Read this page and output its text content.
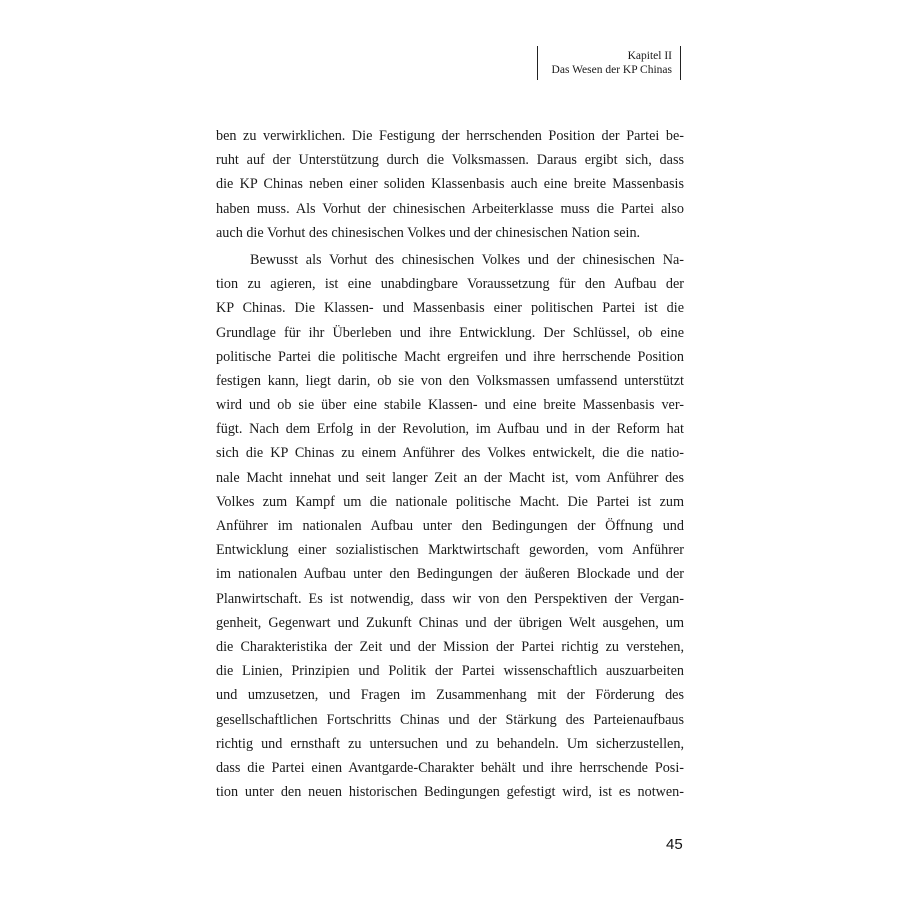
Kapitel II
Das Wesen der KP Chinas

ben zu verwirklichen. Die Festigung der herrschenden Position der Partei be-
ruht auf der Unterstützung durch die Volksmassen. Daraus ergibt sich, dass
die KP Chinas neben einer soliden Klassenbasis auch eine breite Massenbasis
haben muss. Als Vorhut der chinesischen Arbeiterklasse muss die Partei also
auch die Vorhut des chinesischen Volkes und der chinesischen Nation sein.

Bewusst als Vorhut des chinesischen Volkes und der chinesischen Na-
tion zu agieren, ist eine unabdingbare Voraussetzung für den Aufbau der
KP Chinas. Die Klassen- und Massenbasis einer politischen Partei ist die
Grundlage für ihr Überleben und ihre Entwicklung. Der Schlüssel, ob eine
politische Partei die politische Macht ergreifen und ihre herrschende Position
festigen kann, liegt darin, ob sie von den Volksmassen umfassend unterstützt
wird und ob sie über eine stabile Klassen- und eine breite Massenbasis ver-
fügt. Nach dem Erfolg in der Revolution, im Aufbau und in der Reform hat
sich die KP Chinas zu einem Anführer des Volkes entwickelt, die die natio-
nale Macht innehat und seit langer Zeit an der Macht ist, vom Anführer des
Volkes zum Kampf um die nationale politische Macht. Die Partei ist zum
Anführer im nationalen Aufbau unter den Bedingungen der Öffnung und
Entwicklung einer sozialistischen Marktwirtschaft geworden, vom Anführer
im nationalen Aufbau unter den Bedingungen der äußeren Blockade und der
Planwirtschaft. Es ist notwendig, dass wir von den Perspektiven der Vergan-
genheit, Gegenwart und Zukunft Chinas und der übrigen Welt ausgehen, um
die Charakteristika der Zeit und der Mission der Partei richtig zu verstehen,
die Linien, Prinzipien und Politik der Partei wissenschaftlich auszuarbeiten
und umzusetzen, und Fragen im Zusammenhang mit der Förderung des
gesellschaftlichen Fortschritts Chinas und der Stärkung des Parteienaufbaus
richtig und ernsthaft zu untersuchen und zu behandeln. Um sicherzustellen,
dass die Partei einen Avantgarde-Charakter behält und ihre herrschende Posi-
tion unter den neuen historischen Bedingungen gefestigt wird, ist es notwen-

45
